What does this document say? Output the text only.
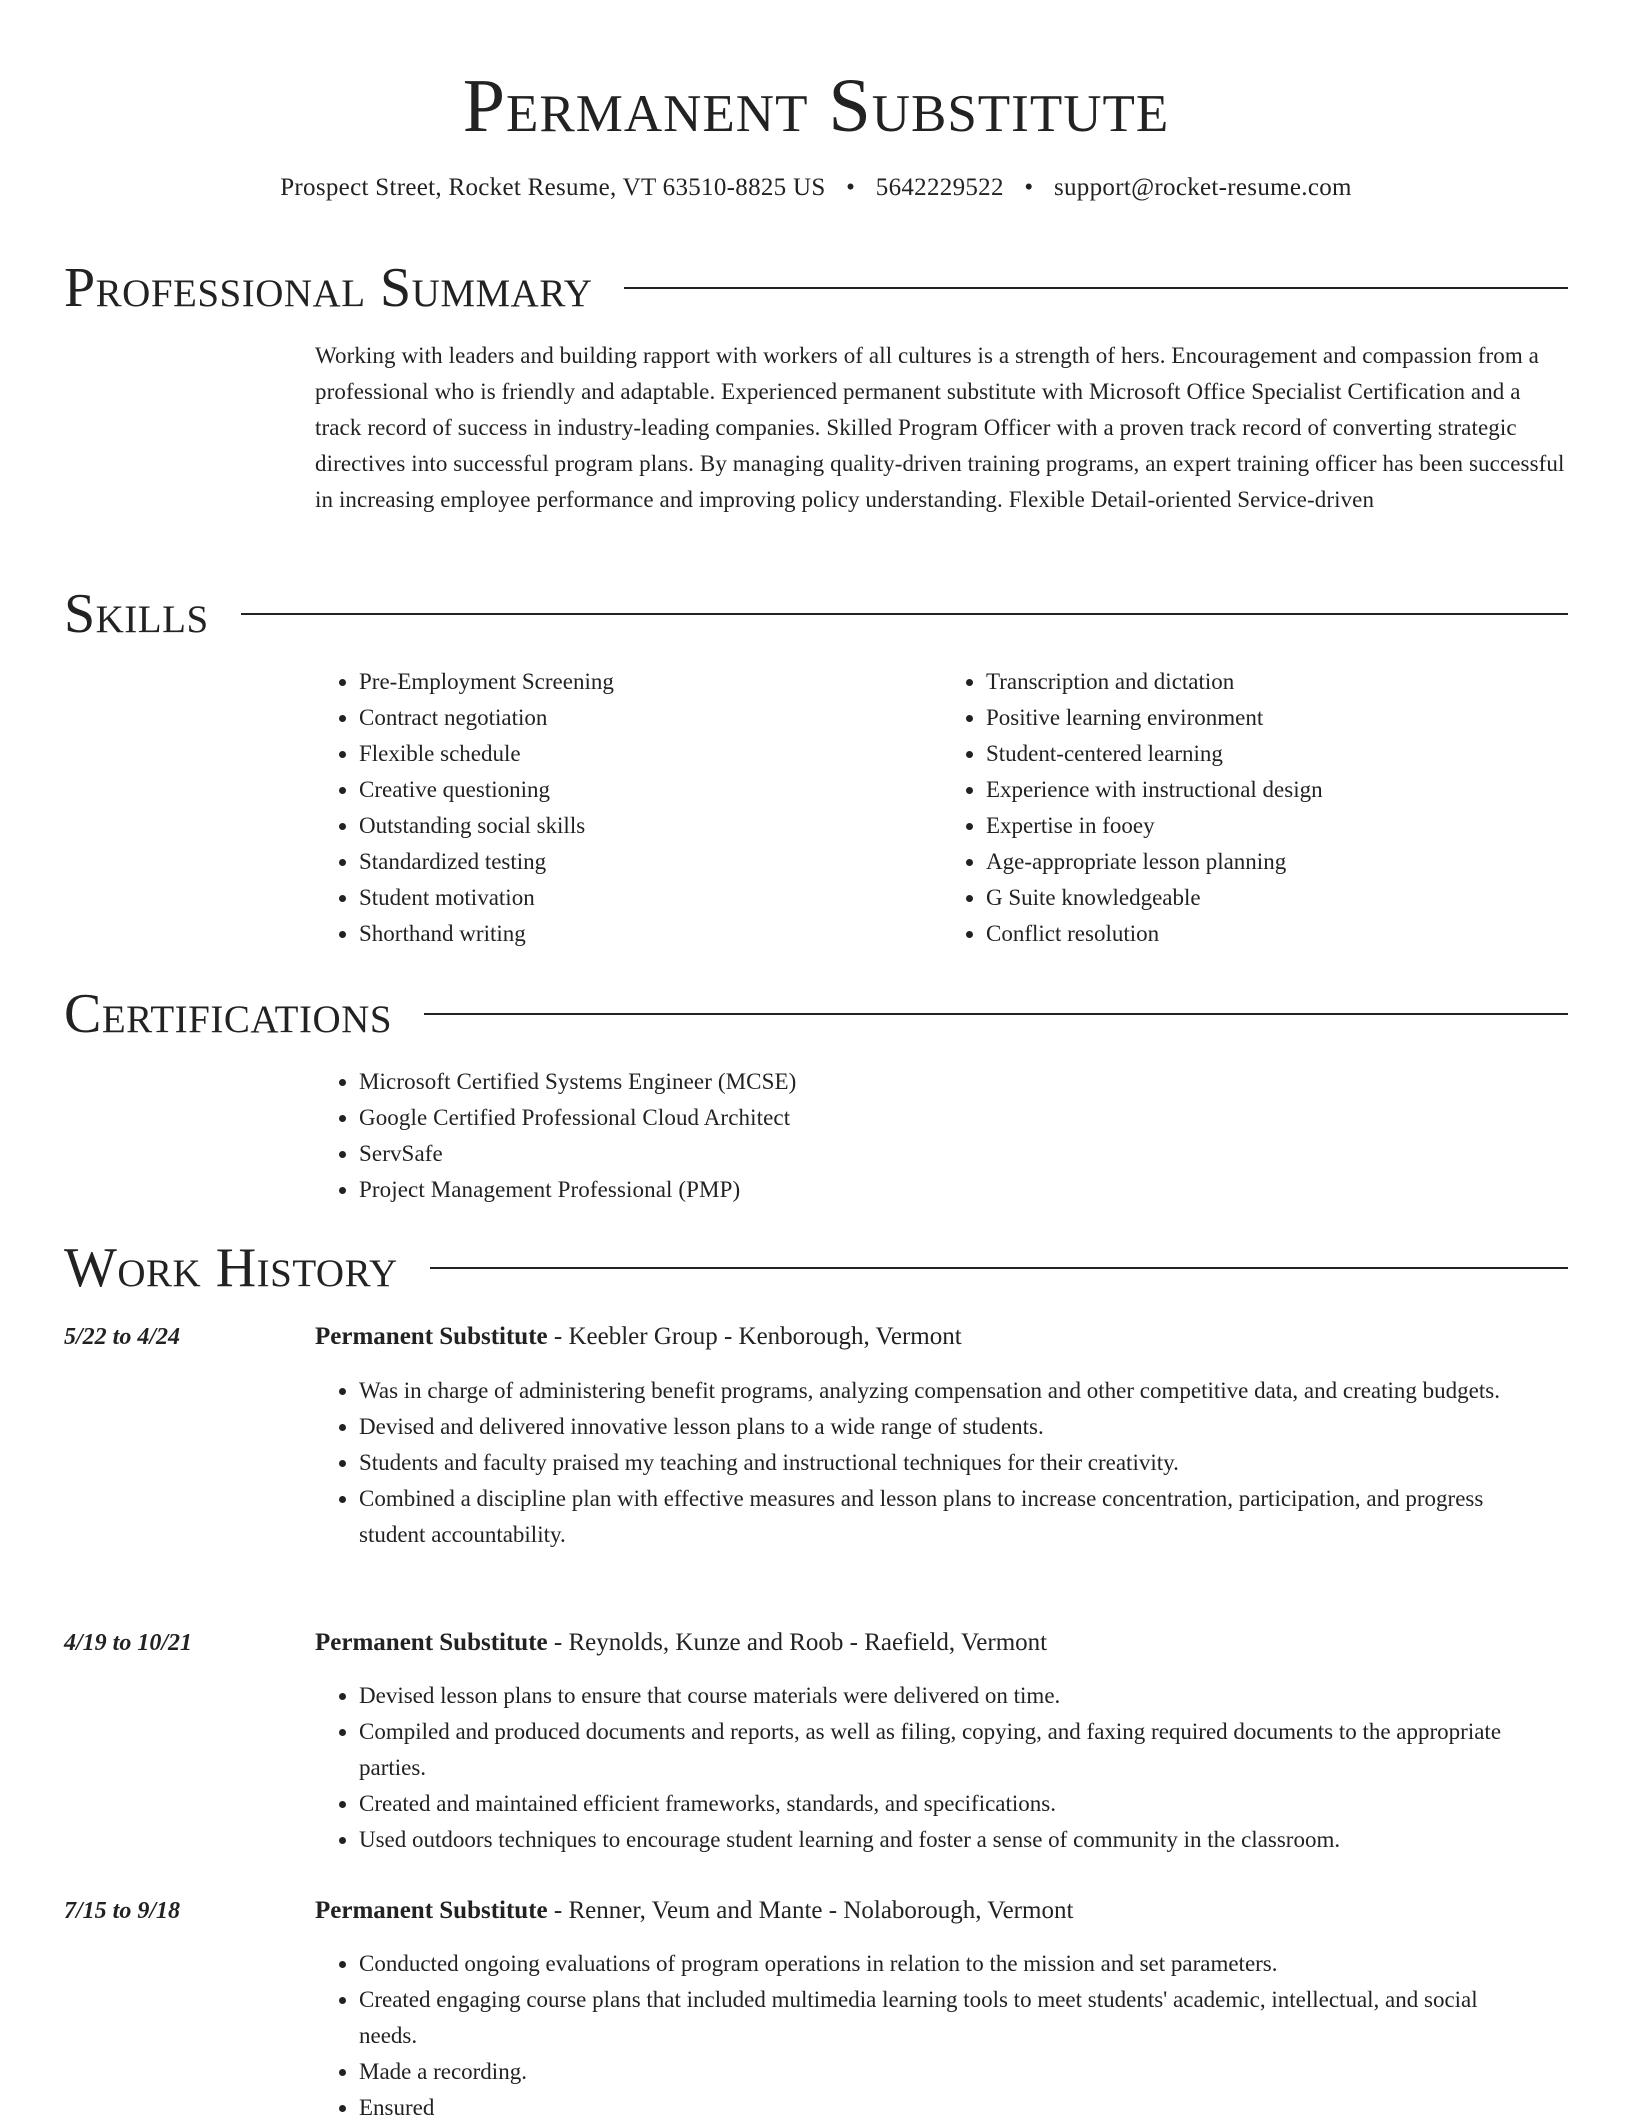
Permanent Substitute
Prospect Street, Rocket Resume, VT 63510-8825 US • 5642229522 • support@rocket-resume.com
Professional Summary
Working with leaders and building rapport with workers of all cultures is a strength of hers. Encouragement and compassion from a professional who is friendly and adaptable. Experienced permanent substitute with Microsoft Office Specialist Certification and a track record of success in industry-leading companies. Skilled Program Officer with a proven track record of converting strategic directives into successful program plans. By managing quality-driven training programs, an expert training officer has been successful in increasing employee performance and improving policy understanding. Flexible Detail-oriented Service-driven
Skills
• Pre-Employment Screening
• Contract negotiation
• Flexible schedule
• Creative questioning
• Outstanding social skills
• Standardized testing
• Student motivation
• Shorthand writing
• Transcription and dictation
• Positive learning environment
• Student-centered learning
• Experience with instructional design
• Expertise in fooey
• Age-appropriate lesson planning
• G Suite knowledgeable
• Conflict resolution
Certifications
• Microsoft Certified Systems Engineer (MCSE)
• Google Certified Professional Cloud Architect
• ServSafe
• Project Management Professional (PMP)
Work History
5/22 to 4/24	Permanent Substitute - Keebler Group - Kenborough, Vermont
• Was in charge of administering benefit programs, analyzing compensation and other competitive data, and creating budgets.
• Devised and delivered innovative lesson plans to a wide range of students.
• Students and faculty praised my teaching and instructional techniques for their creativity.
• Combined a discipline plan with effective measures and lesson plans to increase concentration, participation, and progress student accountability.
4/19 to 10/21	Permanent Substitute - Reynolds, Kunze and Roob - Raefield, Vermont
• Devised lesson plans to ensure that course materials were delivered on time.
• Compiled and produced documents and reports, as well as filing, copying, and faxing required documents to the appropriate parties.
• Created and maintained efficient frameworks, standards, and specifications.
• Used outdoors techniques to encourage student learning and foster a sense of community in the classroom.
7/15 to 9/18	Permanent Substitute - Renner, Veum and Mante - Nolaborough, Vermont
• Conducted ongoing evaluations of program operations in relation to the mission and set parameters.
• Created engaging course plans that included multimedia learning tools to meet students' academic, intellectual, and social needs.
• Made a recording.
• Ensured
